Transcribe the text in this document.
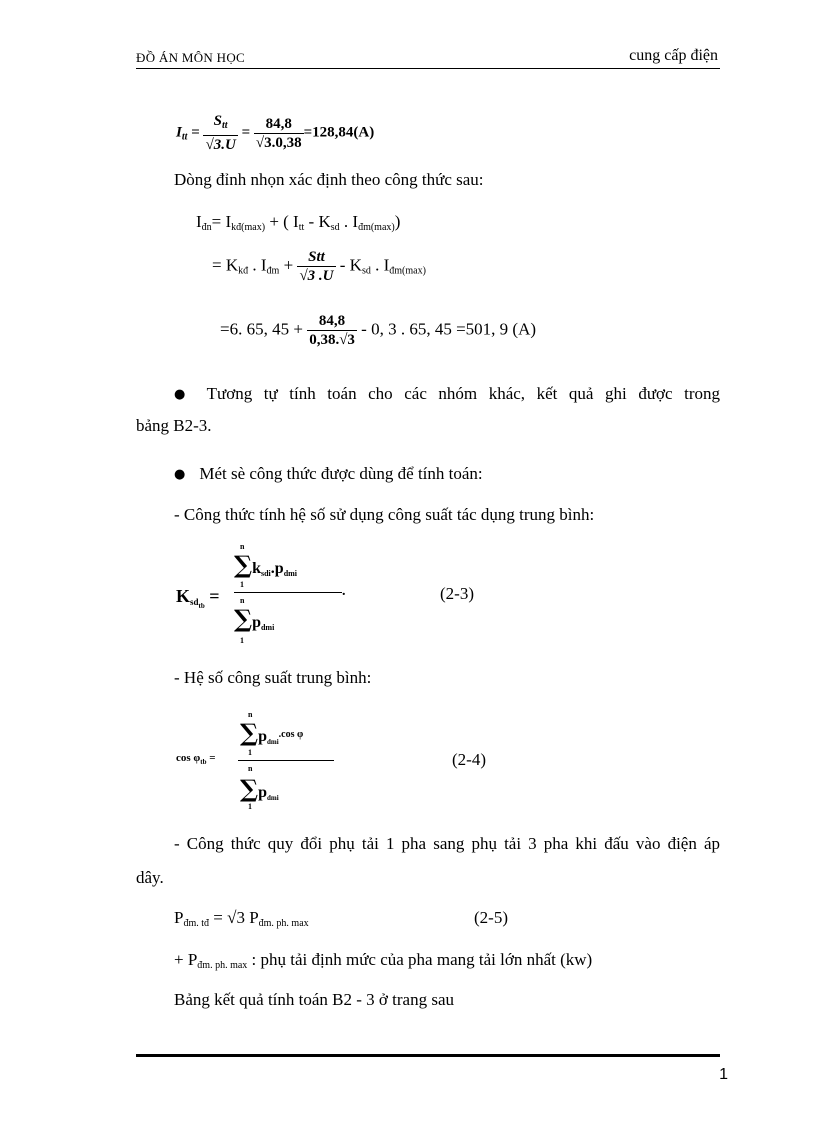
ĐỒ ÁN MÔN HỌC	cung cấp điện
$I_{tt} = \frac{S_{tt}}{√3.U} = \frac{84,8}{√3.0,38} =128,84(A)$
Dòng đỉnh nhọn xác định theo công thức sau:
$I_{đn}= I_{kđ(max)}$ + ( $I_{tt} - K_{sd}$ . $I_{đm(max)}$)
= $K_{kđ}$ . $I_{đm} + \frac{\text{Stt}}{√3 .U} - K_{sd}$ . $I_{đm(max)}$
=6. 65, $45 + \frac{84,8}{0,38.√3} - 0$, 3 . 65, 45 =501, 9 (A)
● Tương tự tính toán cho các nhóm khác, kết quả ghi được trong
bảng B2-3.
● Mét sè công thức được dùng để tính toán:
- Công thức tính hệ số sử dụng công suất tác dụng trung bình:
$K_{sdtb}$ =
n
$\sum k_{sdi}.p_{dmi}$
1	.
n
$\sum p_{dmi}$
1
(2-3)
- Hệ số công suất trung bình:
$\cos \varphi_{tb}$ =
n
$\sum p_{dmi}^{.cos \varphi}$
1
n
$\sum p_{dmi}$
1
(2-4)
- Công thức quy đổi phụ tải 1 pha sang phụ tải 3 pha khi đấu vào điện áp
dây.
$P_{đm. tđ} = √3$ $P_{đm. ph. max}$	(2-5)
+ $P_{đm. ph. max}$ : phụ tải định mức của pha mang tải lớn nhất (kw)
Bảng kết quả tính toán B2 - 3 ở trang sau
1
